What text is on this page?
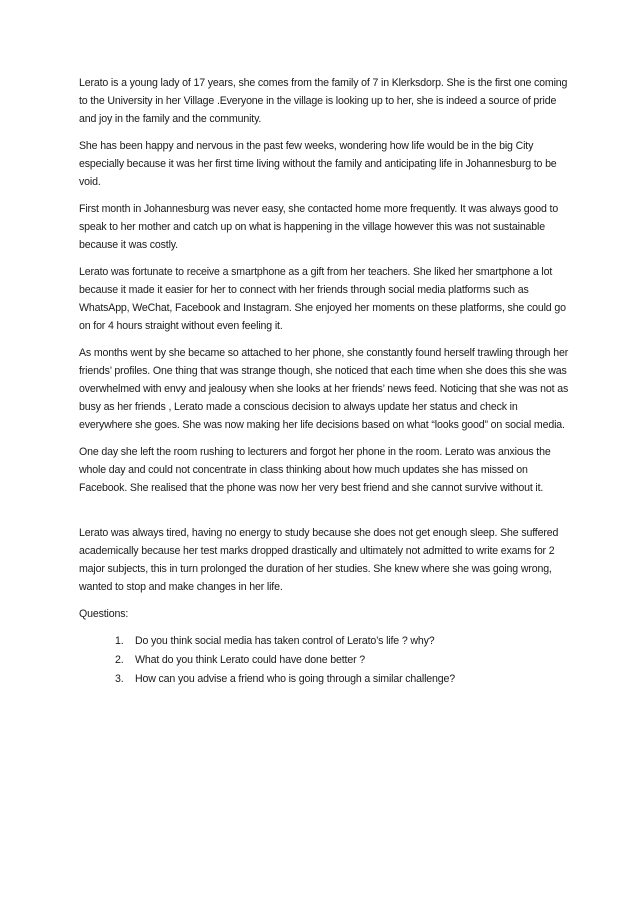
Lerato is a young lady of 17 years, she comes from the family of 7 in Klerksdorp. She is the first one coming to the University in her Village .Everyone in the village is looking up to her, she is indeed a source of pride and joy in the family and the community.

She has been happy and nervous in the past few weeks, wondering how life would be in the big City especially because it was her first time living without the family and anticipating life in Johannesburg to be void.

First month in Johannesburg was never easy, she contacted home more frequently. It was always good to speak to her mother and catch up on what is happening in the village however this was not sustainable because it was costly.

Lerato was fortunate to receive a smartphone as a gift from her teachers. She liked her smartphone a lot because it made it easier for her to connect with her friends through social media platforms such as WhatsApp, WeChat, Facebook and Instagram. She enjoyed her moments on these platforms, she could go on for 4 hours straight without even feeling it.

As months went by she became so attached to her phone, she constantly found herself trawling through her friends’ profiles. One thing that was strange though, she noticed that each time when she does this she was overwhelmed with envy and jealousy when she looks at her friends’ news feed. Noticing that she was not as busy as her friends , Lerato made a conscious decision to always update her status and check in everywhere she goes. She was now making her life decisions based on what “looks good” on social media.

One day she left the room rushing to lecturers and forgot her phone in the room. Lerato was anxious the whole day and could not concentrate in class thinking about how much updates she has missed on Facebook. She realised that the phone was now her very best friend and she cannot survive without it.

Lerato was always tired, having no energy to study because she does not get enough sleep. She suffered academically because her test marks dropped drastically and ultimately not admitted to write exams for 2 major subjects, this in turn prolonged the duration of her studies. She knew where she was going wrong, wanted to stop and make changes in her life.

Questions:

1. Do you think social media has taken control of Lerato’s life ? why?
2. What do you think Lerato could have done better ?
3. How can you advise a friend who is going through a similar challenge?
